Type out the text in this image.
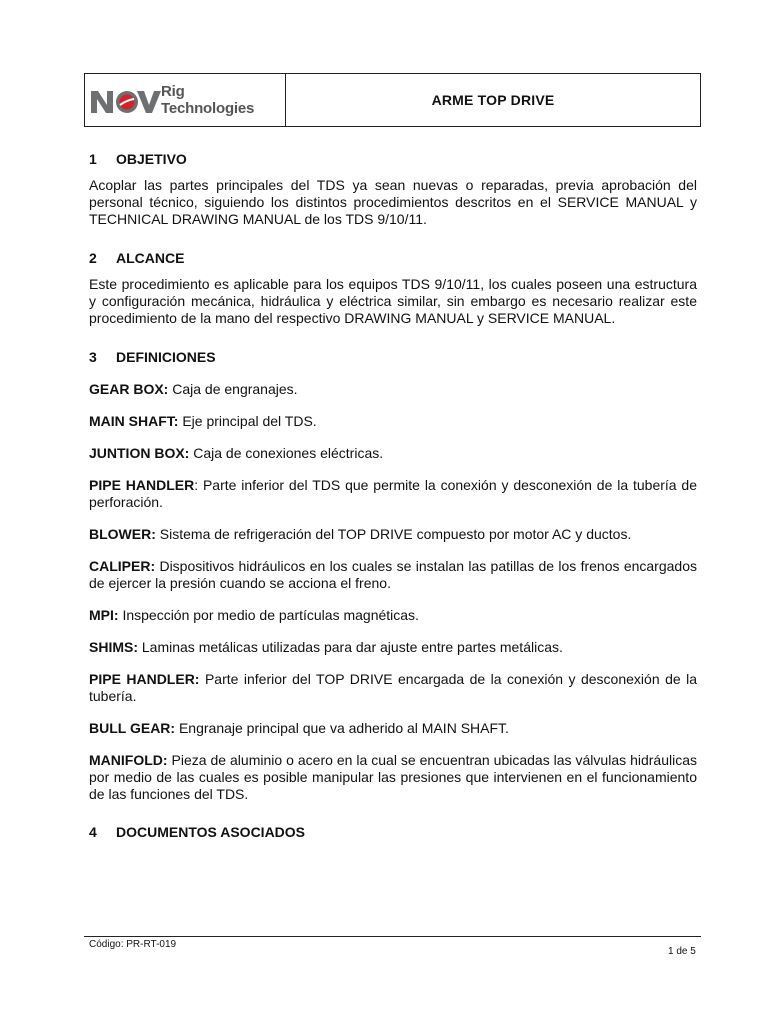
Rig
Technologies	ARME TOP DRIVE
1 OBJETIVO

Acoplar las partes principales del TDS ya sean nuevas o reparadas, previa aprobación del personal técnico, siguiendo los distintos procedimientos descritos en el SERVICE MANUAL y TECHNICAL DRAWING MANUAL de los TDS 9/10/11.

2 ALCANCE

Este procedimiento es aplicable para los equipos TDS 9/10/11, los cuales poseen una estructura y configuración mecánica, hidráulica y eléctrica similar, sin embargo es necesario realizar este procedimiento de la mano del respectivo DRAWING MANUAL y SERVICE MANUAL.

3 DEFINICIONES

GEAR BOX: Caja de engranajes.

MAIN SHAFT: Eje principal del TDS.

JUNTION BOX: Caja de conexiones eléctricas.

PIPE HANDLER: Parte inferior del TDS que permite la conexión y desconexión de la tubería de perforación.

BLOWER: Sistema de refrigeración del TOP DRIVE compuesto por motor AC y ductos.

CALIPER: Dispositivos hidráulicos en los cuales se instalan las patillas de los frenos encargados de ejercer la presión cuando se acciona el freno.

MPI: Inspección por medio de partículas magnéticas.

SHIMS: Laminas metálicas utilizadas para dar ajuste entre partes metálicas.

PIPE HANDLER: Parte inferior del TOP DRIVE encargada de la conexión y desconexión de la tubería.

BULL GEAR: Engranaje principal que va adherido al MAIN SHAFT.

MANIFOLD: Pieza de aluminio o acero en la cual se encuentran ubicadas las válvulas hidráulicas por medio de las cuales es posible manipular las presiones que intervienen en el funcionamiento de las funciones del TDS.

4 DOCUMENTOS ASOCIADOS
Código: PR-RT-019
1 de 5
